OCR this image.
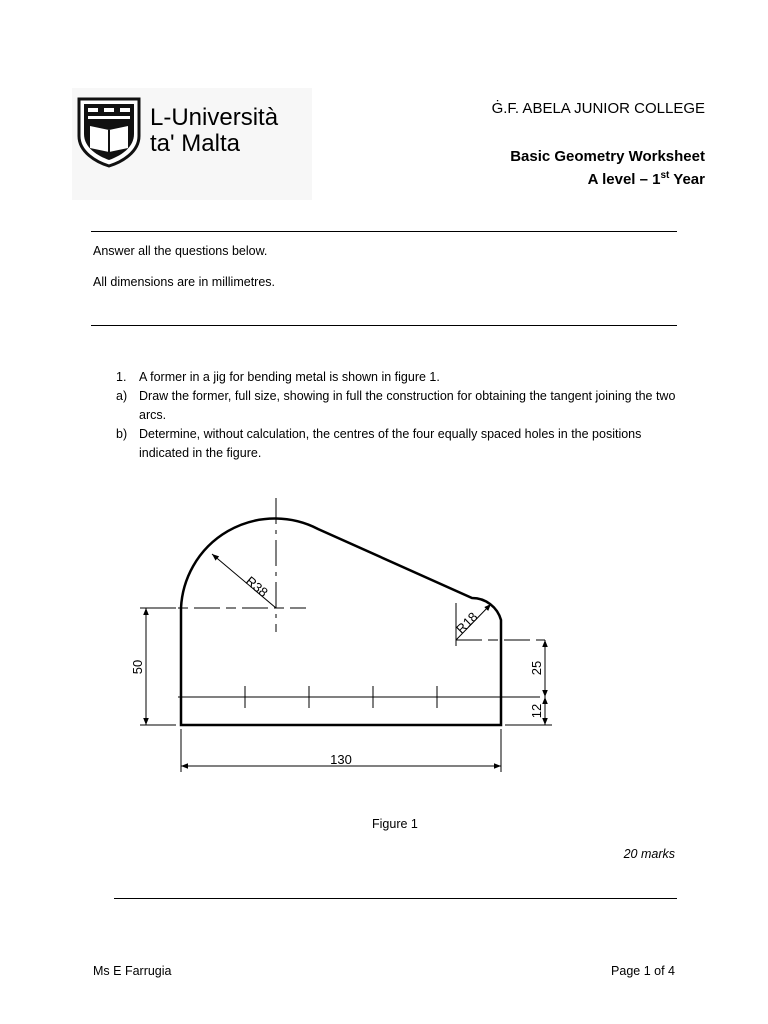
L-Università
ta' Malta
Ġ.F. ABELA JUNIOR COLLEGE
Basic Geometry Worksheet
A level – 1st Year
Answer all the questions below.
All dimensions are in millimetres.
1. A former in a jig for bending metal is shown in figure 1.
a) Draw the former, full size, showing in full the construction for obtaining the tangent joining the two arcs.
b) Determine, without calculation, the centres of the four equally spaced holes in the positions indicated in the figure.
R38
R18
50
130
25
12
Figure 1
20 marks
Ms E Farrugia	Page 1 of 4
